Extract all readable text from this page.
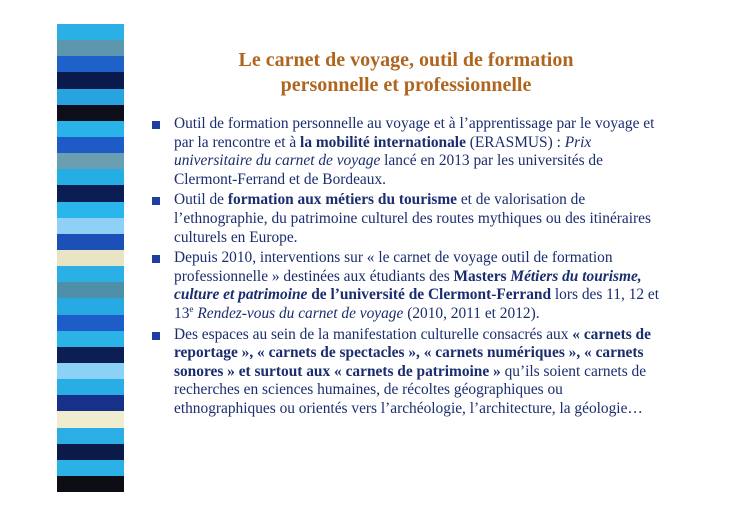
Le carnet de voyage, outil de formation
personnelle et professionnelle
Outil de formation personnelle au voyage et à l’apprentissage par le voyage et par la rencontre et à la mobilité internationale (ERASMUS) : Prix universitaire du carnet de voyage lancé en 2013 par les universités de Clermont-Ferrand et de Bordeaux.
Outil de formation aux métiers du tourisme et de valorisation de l’ethnographie, du patrimoine culturel des routes mythiques ou des itinéraires culturels en Europe.
Depuis 2010, interventions sur « le carnet de voyage outil de formation professionnelle » destinées aux étudiants des Masters Métiers du tourisme, culture et patrimoine de l’université de Clermont-Ferrand lors des 11, 12 et 13e Rendez-vous du carnet de voyage (2010, 2011 et 2012).
Des espaces au sein de la manifestation culturelle consacrés aux « carnets de reportage », « carnets de spectacles », « carnets numériques », « carnets sonores » et surtout aux « carnets de patrimoine » qu’ils soient carnets de recherches en sciences humaines, de récoltes géographiques ou ethnographiques ou orientés vers l’archéologie, l’architecture, la géologie…
